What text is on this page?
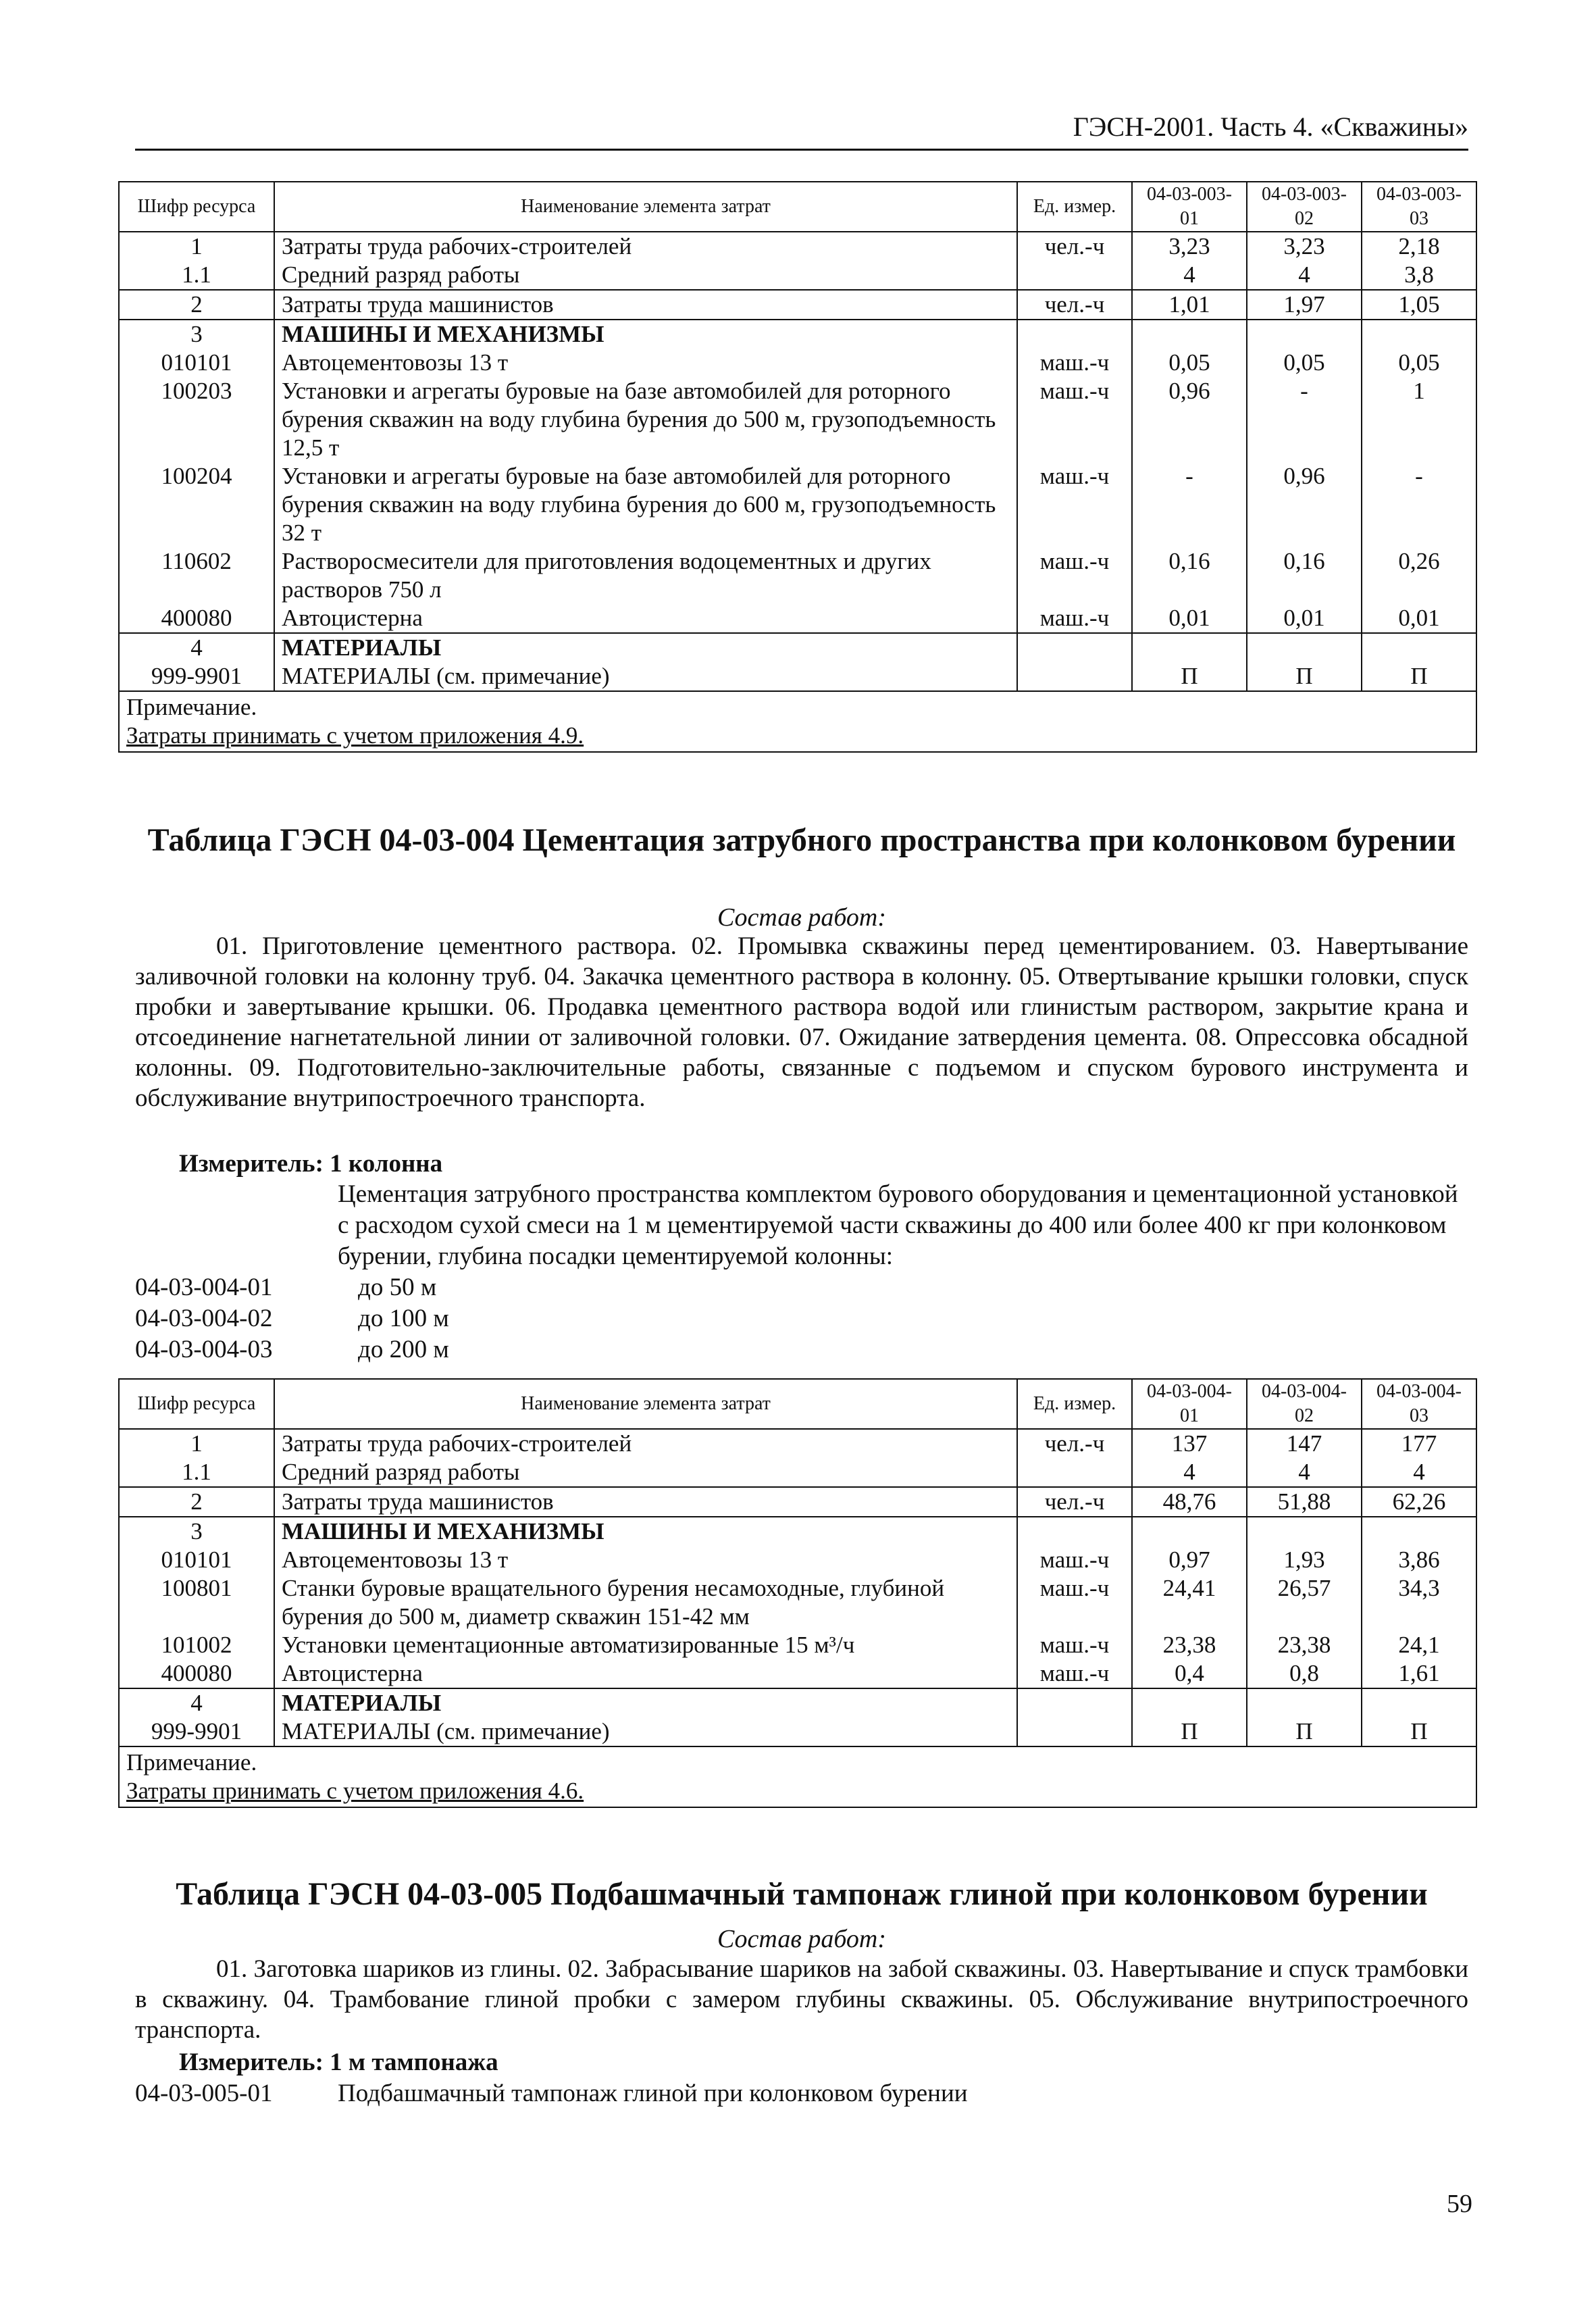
ГЭСН-2001. Часть 4. «Скважины»
Шифр ресурса	Наименование элемента затрат	Ед. измер.	04-03-003-01	04-03-003-02	04-03-003-03
1	Затраты труда рабочих-строителей	чел.-ч	3,23	3,23	2,18
1.1	Средний разряд работы		4	4	3,8
2	Затраты труда машинистов	чел.-ч	1,01	1,97	1,05
3	МАШИНЫ И МЕХАНИЗМЫ				
010101	Автоцементовозы 13 т	маш.-ч	0,05	0,05	0,05
100203	Установки и агрегаты буровые на базе автомобилей для роторного бурения скважин на воду глубина бурения до 500 м, грузоподъемность 12,5 т	маш.-ч	0,96	-	1
100204	Установки и агрегаты буровые на базе автомобилей для роторного бурения скважин на воду глубина бурения до 600 м, грузоподъемность 32 т	маш.-ч	-	0,96	-
110602	Растворосмесители для приготовления водоцементных и других растворов 750 л	маш.-ч	0,16	0,16	0,26
400080	Автоцистерна	маш.-ч	0,01	0,01	0,01
4	МАТЕРИАЛЫ				
999-9901	МАТЕРИАЛЫ (см. примечание)		П	П	П

Примечание.
Затраты принимать с учетом приложения 4.9.					
Таблица ГЭСН 04-03-004 Цементация затрубного пространства при колонковом бурении
Состав работ:
01. Приготовление цементного раствора. 02. Промывка скважины перед цементированием. 03. Навертывание заливочной головки на колонну труб. 04. Закачка цементного раствора в колонну. 05. Отвертывание крышки головки, спуск пробки и завертывание крышки. 06. Продавка цементного раствора водой или глинистым раствором, закрытие крана и отсоединение нагнетательной линии от заливочной головки. 07. Ожидание затвердения цемента. 08. Опрессовка обсадной колонны. 09. Подготовительно-заключительные работы, связанные с подъемом и спуском бурового инструмента и обслуживание внутрипостроечного транспорта.
Измеритель: 1 колонна
Цементация затрубного пространства комплектом бурового оборудования и цементационной установкой с расходом сухой смеси на 1 м цементируемой части скважины до 400 или более 400 кг при колонковом бурении, глубина посадки цементируемой колонны:
04-03-004-01	до 50 м
04-03-004-02	до 100 м
04-03-004-03	до 200 м
Шифр ресурса	Наименование элемента затрат	Ед. измер.	04-03-004-01	04-03-004-02	04-03-004-03
1	Затраты труда рабочих-строителей	чел.-ч	137	147	177
1.1	Средний разряд работы		4	4	4
2	Затраты труда машинистов	чел.-ч	48,76	51,88	62,26
3	МАШИНЫ И МЕХАНИЗМЫ				
010101	Автоцементовозы 13 т	маш.-ч	0,97	1,93	3,86
100801	Станки буровые вращательного бурения несамоходные, глубиной бурения до 500 м, диаметр скважин 151-42 мм	маш.-ч	24,41	26,57	34,3
101002	Установки цементационные автоматизированные 15 м³/ч	маш.-ч	23,38	23,38	24,1
400080	Автоцистерна	маш.-ч	0,4	0,8	1,61
4	МАТЕРИАЛЫ				
999-9901	МАТЕРИАЛЫ (см. примечание)		П	П	П

Примечание.
Затраты принимать с учетом приложения 4.6.					
Таблица ГЭСН 04-03-005 Подбашмачный тампонаж глиной при колонковом бурении
Состав работ:
01. Заготовка шариков из глины. 02. Забрасывание шариков на забой скважины. 03. Навертывание и спуск трамбовки в скважину. 04. Трамбование глиной пробки с замером глубины скважины. 05. Обслуживание внутрипостроечного транспорта.
Измеритель: 1 м тампонажа
04-03-005-01	Подбашмачный тампонаж глиной при колонковом бурении
59
